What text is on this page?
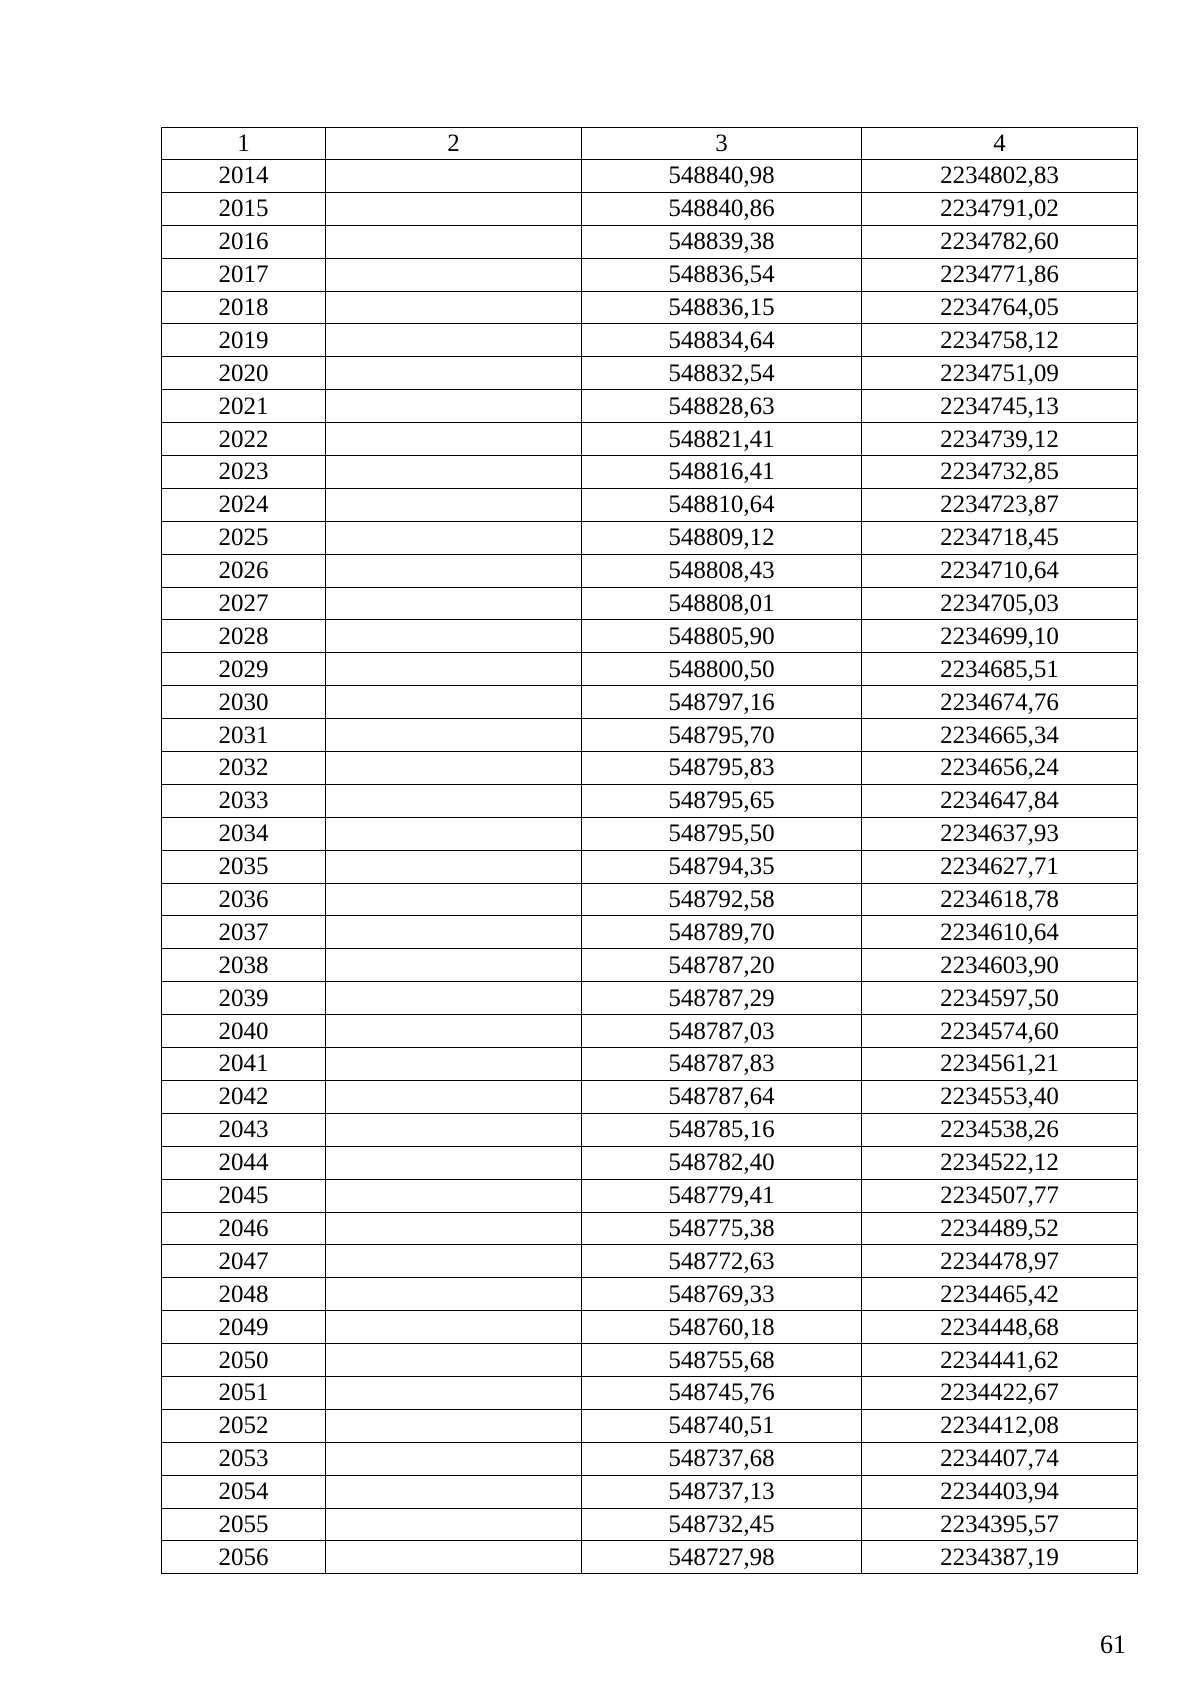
1	2	3	4
2014		548840,98	2234802,83
2015		548840,86	2234791,02
2016		548839,38	2234782,60
2017		548836,54	2234771,86
2018		548836,15	2234764,05
2019		548834,64	2234758,12
2020		548832,54	2234751,09
2021		548828,63	2234745,13
2022		548821,41	2234739,12
2023		548816,41	2234732,85
2024		548810,64	2234723,87
2025		548809,12	2234718,45
2026		548808,43	2234710,64
2027		548808,01	2234705,03
2028		548805,90	2234699,10
2029		548800,50	2234685,51
2030		548797,16	2234674,76
2031		548795,70	2234665,34
2032		548795,83	2234656,24
2033		548795,65	2234647,84
2034		548795,50	2234637,93
2035		548794,35	2234627,71
2036		548792,58	2234618,78
2037		548789,70	2234610,64
2038		548787,20	2234603,90
2039		548787,29	2234597,50
2040		548787,03	2234574,60
2041		548787,83	2234561,21
2042		548787,64	2234553,40
2043		548785,16	2234538,26
2044		548782,40	2234522,12
2045		548779,41	2234507,77
2046		548775,38	2234489,52
2047		548772,63	2234478,97
2048		548769,33	2234465,42
2049		548760,18	2234448,68
2050		548755,68	2234441,62
2051		548745,76	2234422,67
2052		548740,51	2234412,08
2053		548737,68	2234407,74
2054		548737,13	2234403,94
2055		548732,45	2234395,57
2056		548727,98	2234387,19
61
